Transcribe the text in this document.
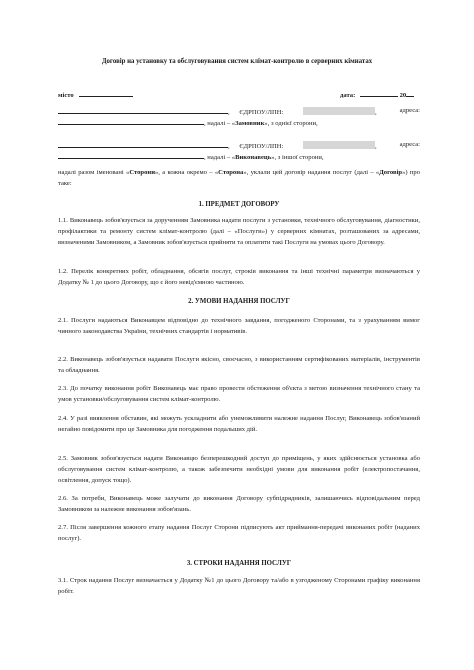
Договір на установку та обслуговування систем клімат-контролю в серверних кімнатах
місто	дата:	20
, ЄДРПОУ/ЛПН:	,	адреса:
, надалі – «Замовник», з однієї сторони,
, ЄДРПОУ/ЛПН:	,	адреса:
, надалі – «Виконавець», з іншої сторони,
надалі разом іменовані «Сторони», а кожна окремо – «Сторона», уклали цей договір надання послуг (далі – «Договір») про таке:
1. ПРЕДМЕТ ДОГОВОРУ
1.1. Виконавець зобов'язується за дорученням Замовника надати послуги з установки, технічного обслуговування, діагностики, профілактики та ремонту систем клімат-контролю (далі – «Послуги») у серверних кімнатах, розташованих за адресами, визначеними Замовником, а Замовник зобов'язується прийняти та оплатити такі Послуги на умовах цього Договору.
1.2. Перелік конкретних робіт, обладнання, обсягів послуг, строків виконання та інші технічні параметри визначаються у Додатку № 1 до цього Договору, що є його невід'ємною частиною.
2. УМОВИ НАДАННЯ ПОСЛУГ
2.1. Послуги надаються Виконавцем відповідно до технічного завдання, погодженого Сторонами, та з урахуванням вимог чинного законодавства України, технічних стандартів і нормативів.
2.2. Виконавець зобов'язується надавати Послуги якісно, своєчасно, з використанням сертифікованих матеріалів, інструментів та обладнання.
2.3. До початку виконання робіт Виконавець має право провести обстеження об'єкта з метою визначення технічного стану та умов установки/обслуговування систем клімат-контролю.
2.4. У разі виявлення обставин, які можуть ускладнити або унеможливити належне надання Послуг, Виконавець зобов'язаний негайно повідомити про це Замовника для погодження подальших дій.
2.5. Замовник зобов'язується надати Виконавцю безперешкодний доступ до приміщень, у яких здійснюється установка або обслуговування систем клімат-контролю, а також забезпечити необхідні умови для виконання робіт (електропостачання, освітлення, допуск тощо).
2.6. За потреби, Виконавець може залучати до виконання Договору субпідрядників, залишаючись відповідальним перед Замовником за належне виконання зобов'язань.
2.7. Після завершення кожного етапу надання Послуг Сторони підписують акт приймання-передачі виконаних робіт (наданих послуг).
3. СТРОКИ НАДАННЯ ПОСЛУГ
3.1. Строк надання Послуг визначається у Додатку №1 до цього Договору та/або в узгодженому Сторонами графіку виконання робіт.
